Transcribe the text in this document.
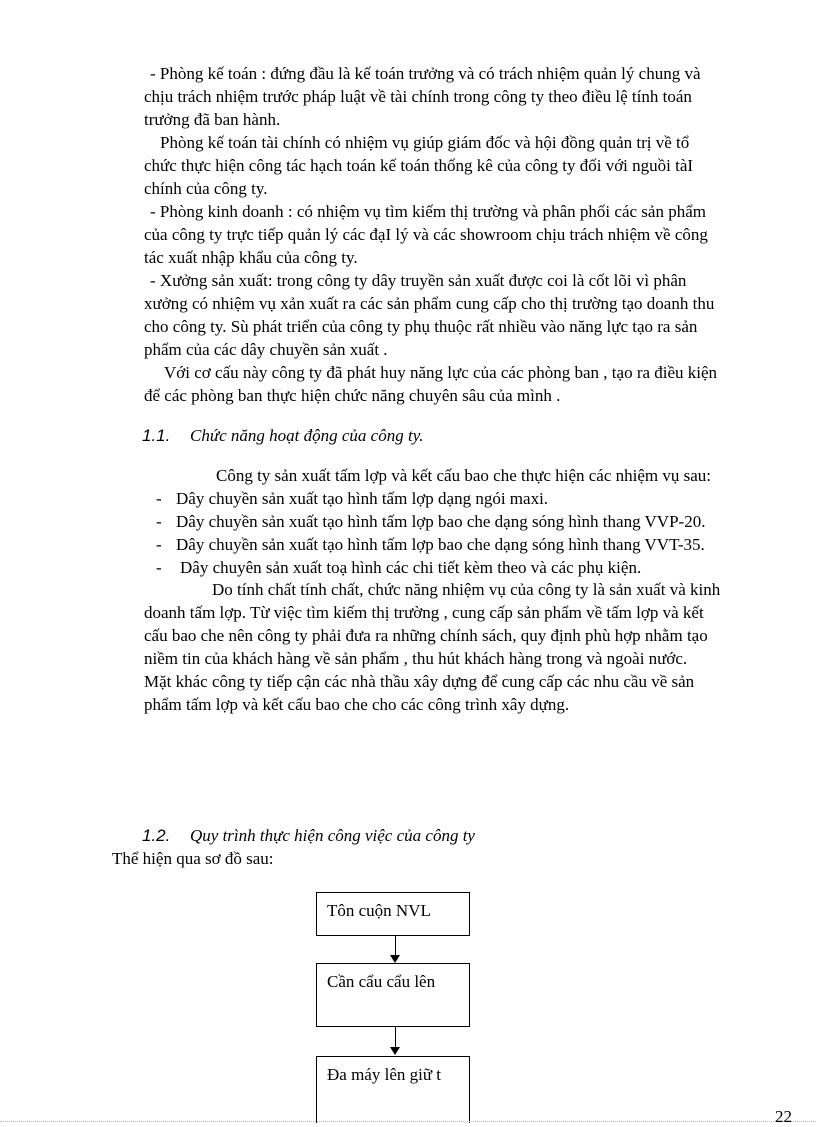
- Phòng kế toán : đứng đầu là kế toán trưởng và có trách nhiệm quản lý chung và
chịu trách nhiệm trước pháp luật về tài chính trong công ty theo điều lệ tính toán
trưởng đã ban hành.
Phòng kế toán tài chính có nhiệm vụ giúp giám đốc và hội đồng quản trị về tổ
chức thực hiện công tác hạch toán kế toán thống kê của công ty đối với nguồi tàI
chính của công ty.
- Phòng kinh doanh : có nhiệm vụ tìm kiếm thị trường và phân phối các sản phẩm
của công ty trực tiếp quản lý các đạI lý và các showroom chịu trách nhiệm về công
tác xuất nhập khẩu của công ty.
- Xưởng sản xuất: trong công ty dây truyền sản xuất được coi là cốt lõi vì phân
xưởng có nhiệm vụ xản xuất ra các sản phẩm cung cấp cho thị trường tạo doanh thu
cho công ty. Sù phát triển của công ty phụ thuộc rất nhiều vào năng lực tạo ra sản
phẩm của các dây chuyền sản xuất .
Với cơ cấu này công ty đã phát huy năng lực của các phòng ban , tạo ra điều kiện
để các phòng ban thực hiện chức năng chuyên sâu của mình .
1.1. Chức năng hoạt động của công ty.
Công ty sản xuất tấm lợp và kết cấu bao che thực hiện các nhiệm vụ sau:
- Dây chuyền sản xuất tạo hình tấm lợp dạng ngói maxi.
- Dây chuyền sản xuất tạo hình tấm lợp bao che dạng sóng hình thang VVP-20.
- Dây chuyền sản xuất tạo hình tấm lợp bao che dạng sóng hình thang VVT-35.
- Dây chuyên sản xuất toạ hình các chi tiết kèm theo và các phụ kiện.
Do tính chất tính chất, chức năng nhiệm vụ của công ty là sản xuất và kinh
doanh tấm lợp. Từ việc tìm kiếm thị trường , cung cấp sản phẩm về tấm lợp và kết
cấu bao che nên công ty phải đưa ra những chính sách, quy định phù hợp nhằm tạo
niềm tin của khách hàng về sản phẩm , thu hút khách hàng trong và ngoài nước.
Mặt khác công ty tiếp cận các nhà thầu xây dựng để cung cấp các nhu cầu về sản
phẩm tấm lợp và kết cấu bao che cho các công trình xây dựng.
1.2. Quy trình thực hiện công việc của công ty
Thể hiện qua sơ đồ sau:
Tôn cuộn NVL
Cần cẩu cẩu lên
Đa máy lên giữ t
22
